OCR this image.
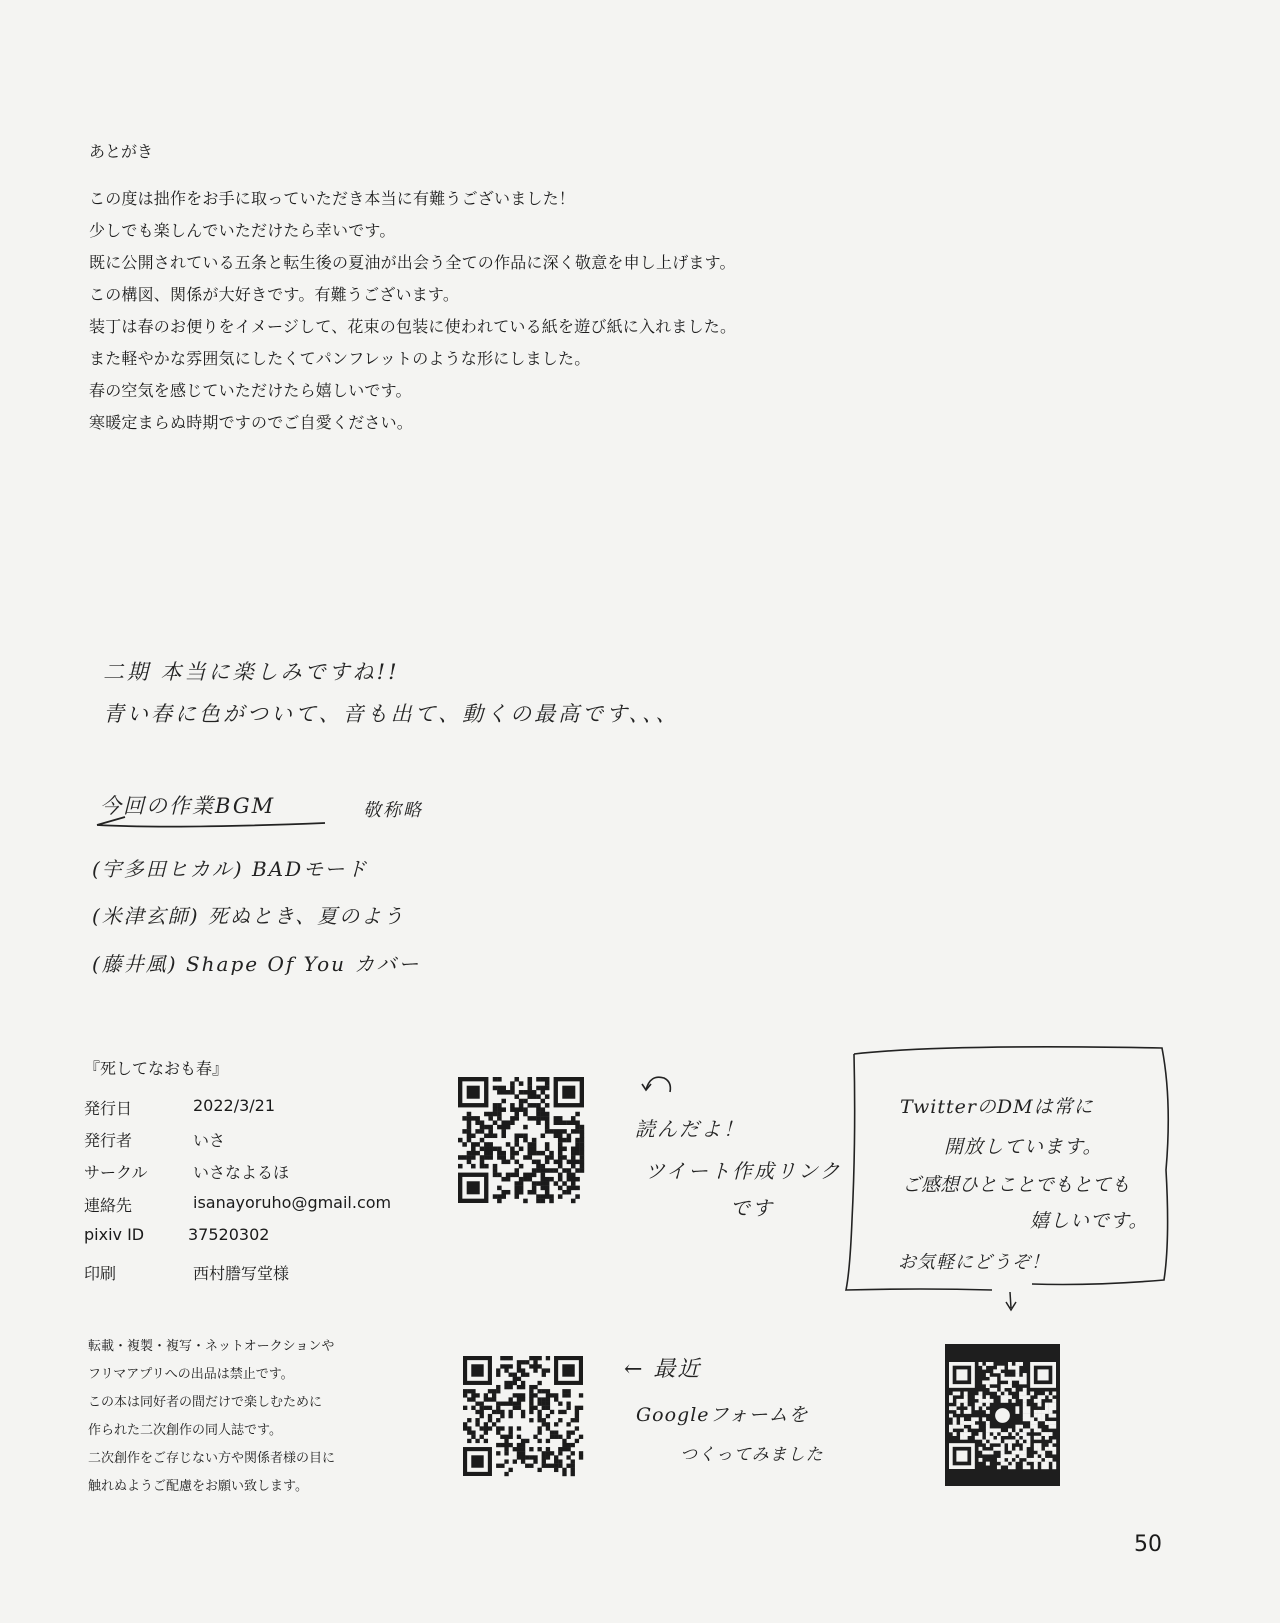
あとがき
この度は拙作をお手に取っていただき本当に有難うございました！
少しでも楽しんでいただけたら幸いです。
既に公開されている五条と転生後の夏油が出会う全ての作品に深く敬意を申し上げます。
この構図、関係が大好きです。有難うございます。
装丁は春のお便りをイメージして、花束の包装に使われている紙を遊び紙に入れました。
また軽やかな雰囲気にしたくてパンフレットのような形にしました。
春の空気を感じていただけたら嬉しいです。
寒暖定まらぬ時期ですのでご自愛ください。
二期 本当に楽しみですね!!
青い春に色がついて、音も出て、動くの最高です、、、
今回の作業BGM	敬称略
(宇多田ヒカル) BADモード
(米津玄師) 死ぬとき、夏のよう
(藤井風) Shape Of You カバー
『死してなおも春』
発行日	2022/3/21
発行者	いさ
サークル	いさなよるほ
連絡先	isanayoruho@gmail.com
pixiv ID	37520302
印刷	西村謄写堂様
転載・複製・複写・ネットオークションや
フリマアプリへの出品は禁止です。
この本は同好者の間だけで楽しむために
作られた二次創作の同人誌です。
二次創作をご存じない方や関係者様の目に
触れぬようご配慮をお願い致します。
読んだよ！
ツイート作成リンク
です
← 最近
Googleフォームを
つくってみました
TwitterのDMは常に
開放しています。
ご感想ひとことでもとても
嬉しいです。
お気軽にどうぞ！
50
